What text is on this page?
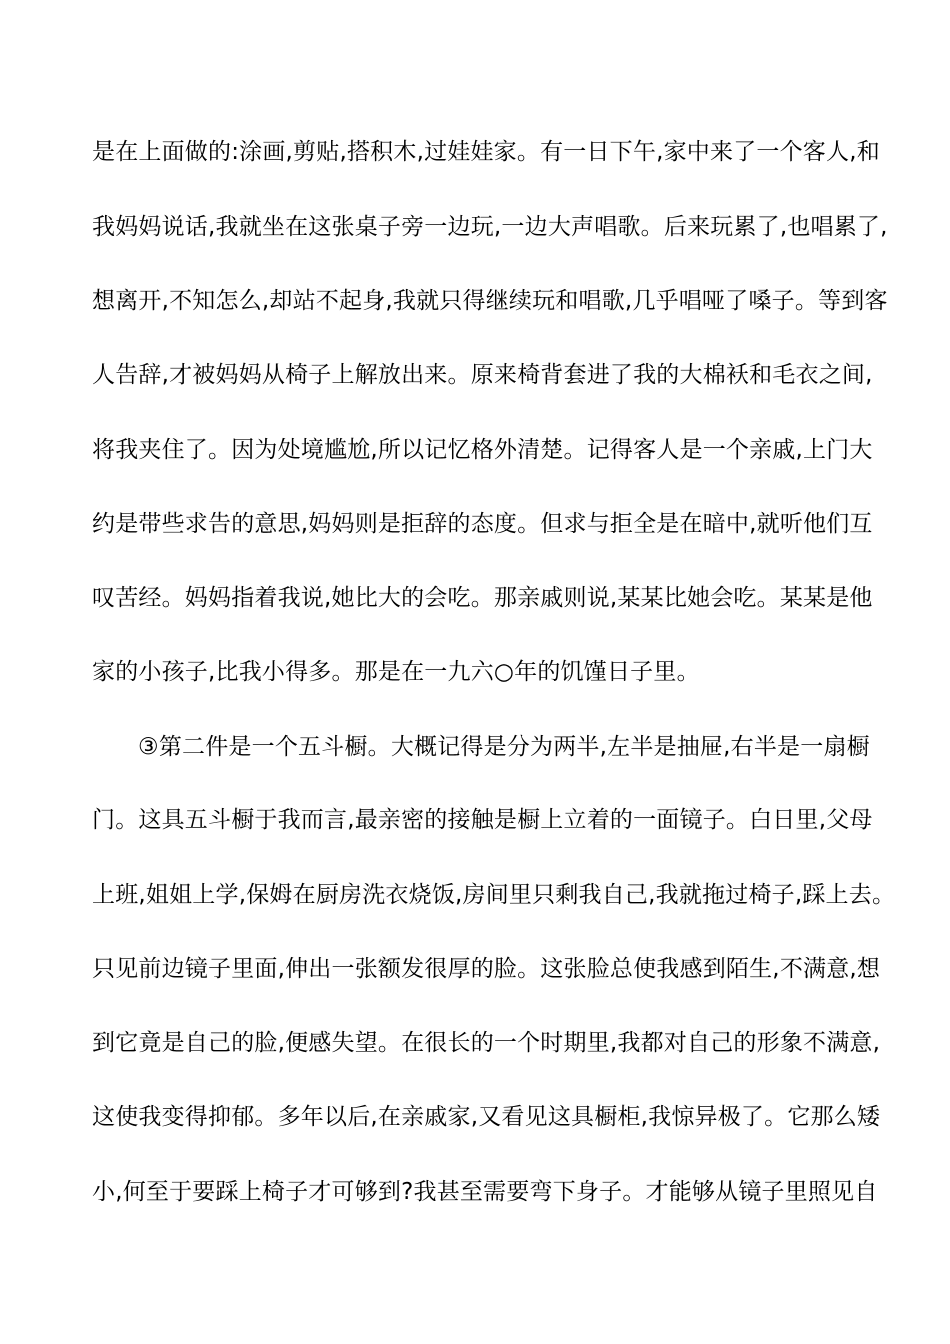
是在上面做的:涂画,剪贴,搭积木,过娃娃家。有一日下午,家中来了一个客人,和
我妈妈说话,我就坐在这张桌子旁一边玩,一边大声唱歌。后来玩累了,也唱累了,
想离开,不知怎么,却站不起身,我就只得继续玩和唱歌,几乎唱哑了嗓子。等到客
人告辞,才被妈妈从椅子上解放出来。原来椅背套进了我的大棉袄和毛衣之间,
将我夹住了。因为处境尴尬,所以记忆格外清楚。记得客人是一个亲戚,上门大
约是带些求告的意思,妈妈则是拒辞的态度。但求与拒全是在暗中,就听他们互
叹苦经。妈妈指着我说,她比大的会吃。那亲戚则说,某某比她会吃。某某是他
家的小孩子,比我小得多。那是在一九六○年的饥馑日子里。
③第二件是一个五斗橱。大概记得是分为两半,左半是抽屉,右半是一扇橱
门。这具五斗橱于我而言,最亲密的接触是橱上立着的一面镜子。白日里,父母
上班,姐姐上学,保姆在厨房洗衣烧饭,房间里只剩我自己,我就拖过椅子,踩上去。
只见前边镜子里面,伸出一张额发很厚的脸。这张脸总使我感到陌生,不满意,想
到它竟是自己的脸,便感失望。在很长的一个时期里,我都对自己的形象不满意,
这使我变得抑郁。多年以后,在亲戚家,又看见这具橱柜,我惊异极了。它那么矮
小,何至于要踩上椅子才可够到?我甚至需要弯下身子。才能够从镜子里照见自
